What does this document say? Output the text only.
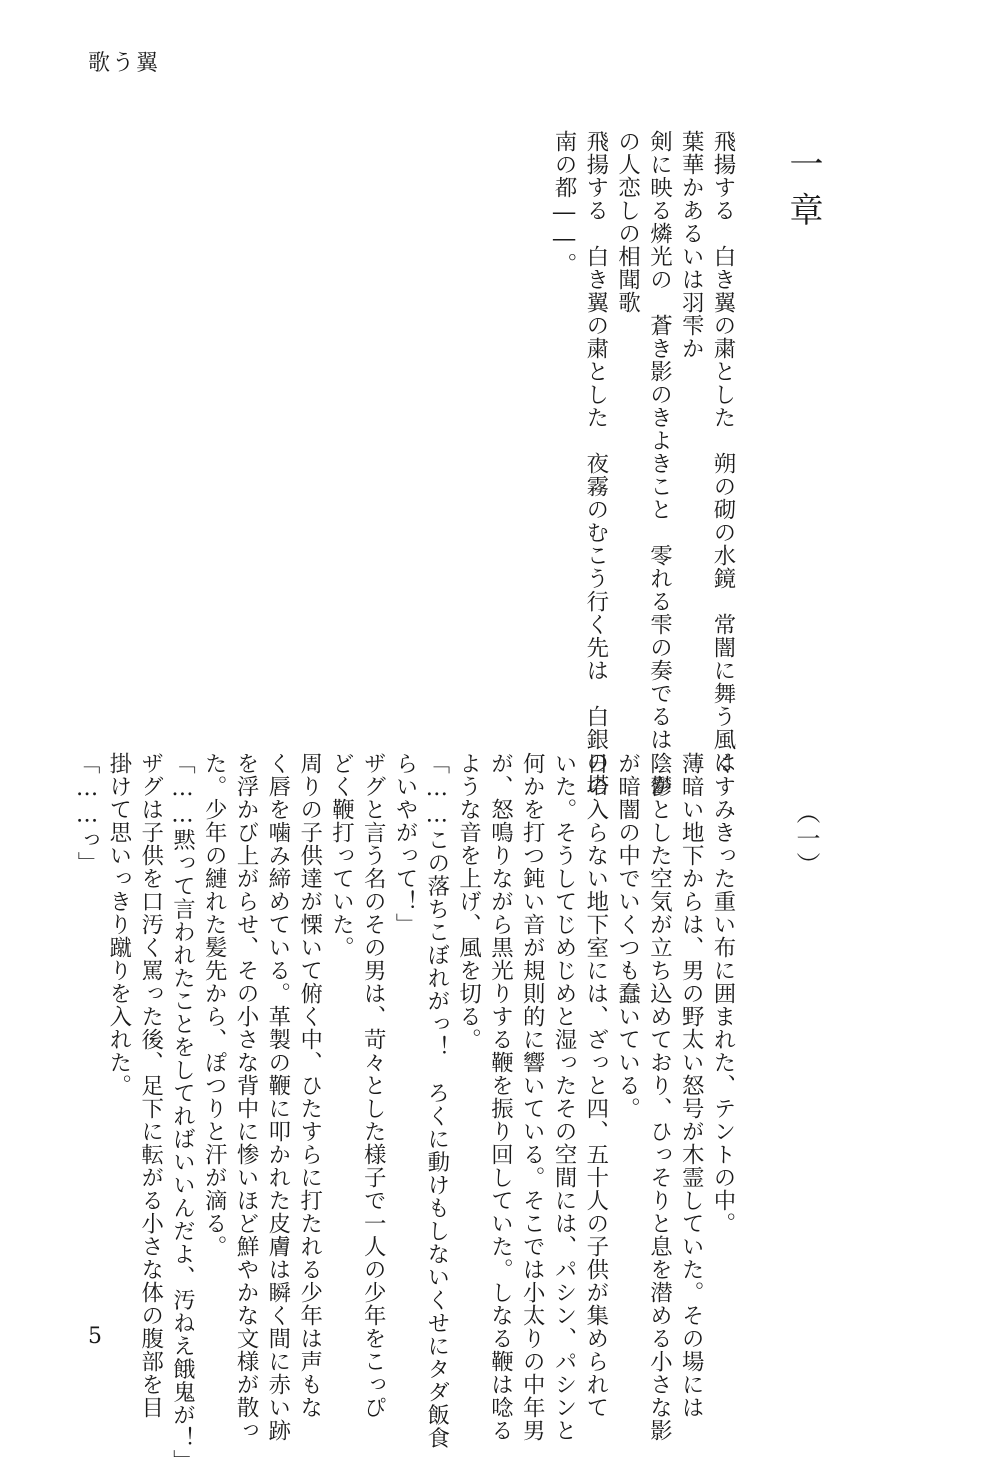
歌う翼
一章
飛揚する　白き翼の粛とした　朔の砌の水鏡　常闇に舞う風は
葉華かあるいは羽雫か
剣に映る燐光の　蒼き影のきよきこと　零れる雫の奏でるは　か
の人恋しの相聞歌
飛揚する　白き翼の粛とした　夜霧のむこう行く先は　白銀の塔
南の都――。
（一）
くすみきった重い布に囲まれた、テントの中。
薄暗い地下からは、男の野太い怒号が木霊していた。その場には
陰鬱とした空気が立ち込めており、ひっそりと息を潜める小さな影
が暗闇の中でいくつも蠢いている。
日の入らない地下室には、ざっと四、五十人の子供が集められて
いた。そうしてじめじめと湿ったその空間には、パシン、パシンと
何かを打つ鈍い音が規則的に響いている。そこでは小太りの中年男
が、怒鳴りながら黒光りする鞭を振り回していた。しなる鞭は唸る
ような音を上げ、風を切る。
「……この落ちこぼれがっ！　ろくに動けもしないくせにタダ飯食
らいやがって！」
ザグと言う名のその男は、苛々とした様子で一人の少年をこっぴ
どく鞭打っていた。
周りの子供達が慄いて俯く中、ひたすらに打たれる少年は声もな
く唇を噛み締めている。革製の鞭に叩かれた皮膚は瞬く間に赤い跡
を浮かび上がらせ、その小さな背中に惨いほど鮮やかな文様が散っ
た。少年の縺れた髪先から、ぽつりと汗が滴る。
「……黙って言われたことをしてればいいんだよ、汚ねえ餓鬼が！」
ザグは子供を口汚く罵った後、足下に転がる小さな体の腹部を目
掛けて思いっきり蹴りを入れた。
「……っ」
5
